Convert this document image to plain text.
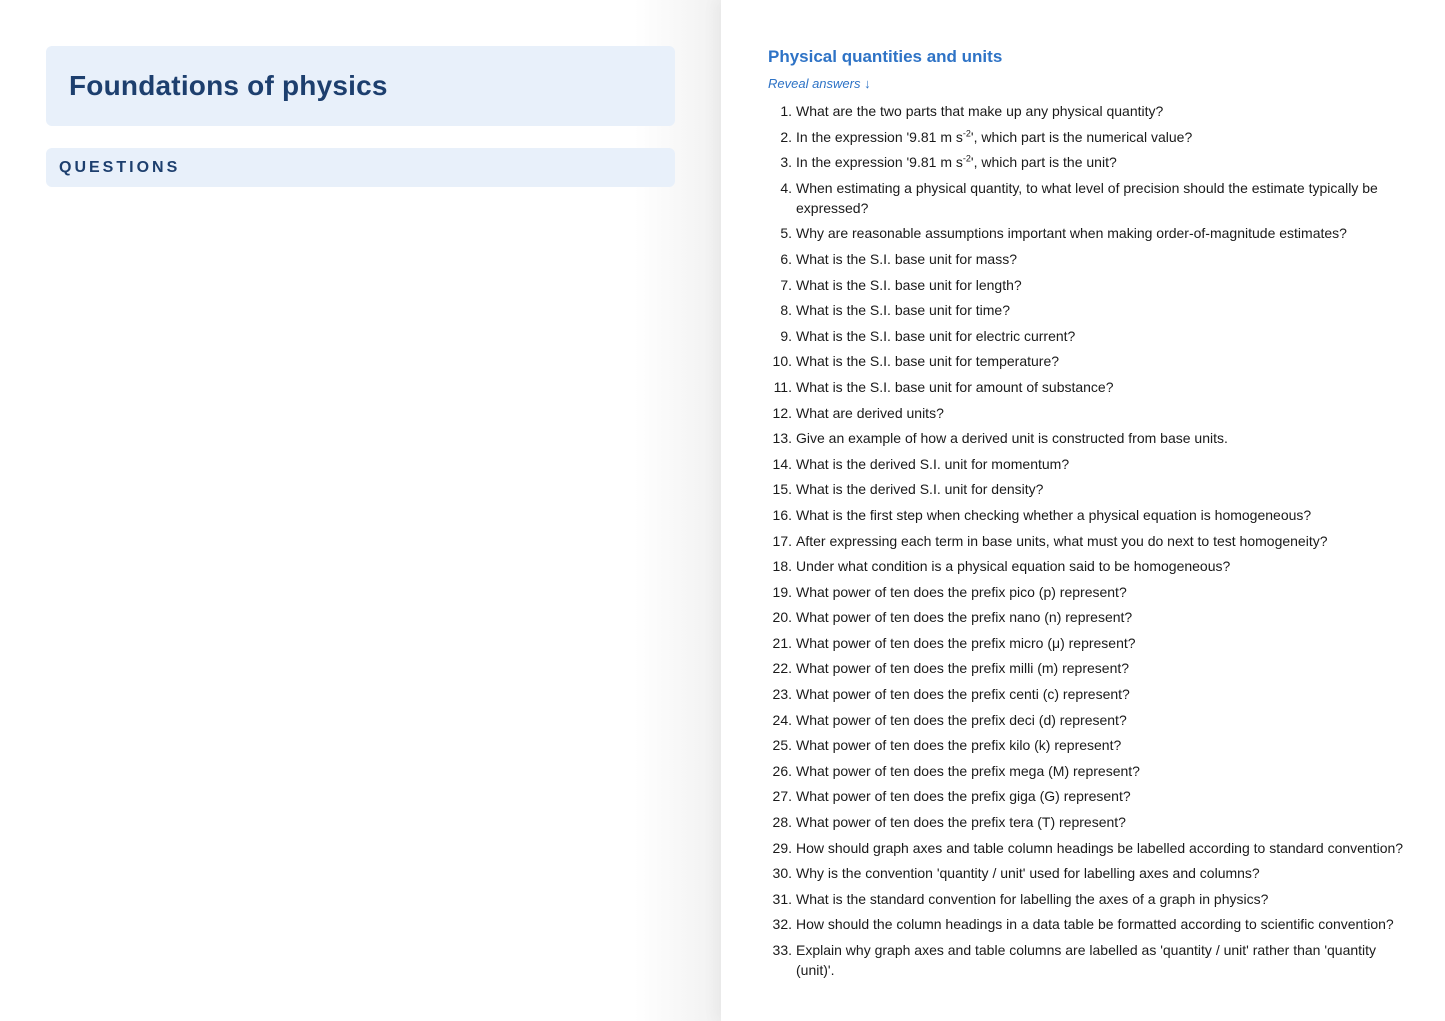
Foundations of physics
QUESTIONS
Physical quantities and units
Reveal answers ↓
1. What are the two parts that make up any physical quantity?
2. In the expression '9.81 m $s^{-2}'$, which part is the numerical value?
3. In the expression '9.81 m $s^{-2}'$, which part is the unit?
4. When estimating a physical quantity, to what level of precision should the estimate typically be expressed?
5. Why are reasonable assumptions important when making order-of-magnitude estimates?
6. What is the S.I. base unit for mass?
7. What is the S.I. base unit for length?
8. What is the S.I. base unit for time?
9. What is the S.I. base unit for electric current?
10. What is the S.I. base unit for temperature?
11. What is the S.I. base unit for amount of substance?
12. What are derived units?
13. Give an example of how a derived unit is constructed from base units.
14. What is the derived S.I. unit for momentum?
15. What is the derived S.I. unit for density?
16. What is the first step when checking whether a physical equation is homogeneous?
17. After expressing each term in base units, what must you do next to test homogeneity?
18. Under what condition is a physical equation said to be homogeneous?
19. What power of ten does the prefix pico (p) represent?
20. What power of ten does the prefix nano (n) represent?
21. What power of ten does the prefix micro (μ) represent?
22. What power of ten does the prefix milli (m) represent?
23. What power of ten does the prefix centi (c) represent?
24. What power of ten does the prefix deci (d) represent?
25. What power of ten does the prefix kilo (k) represent?
26. What power of ten does the prefix mega (M) represent?
27. What power of ten does the prefix giga (G) represent?
28. What power of ten does the prefix tera (T) represent?
29. How should graph axes and table column headings be labelled according to standard convention?
30. Why is the convention 'quantity / unit' used for labelling axes and columns?
31. What is the standard convention for labelling the axes of a graph in physics?
32. How should the column headings in a data table be formatted according to scientific convention?
33. Explain why graph axes and table columns are labelled as 'quantity / unit' rather than 'quantity (unit)'.
